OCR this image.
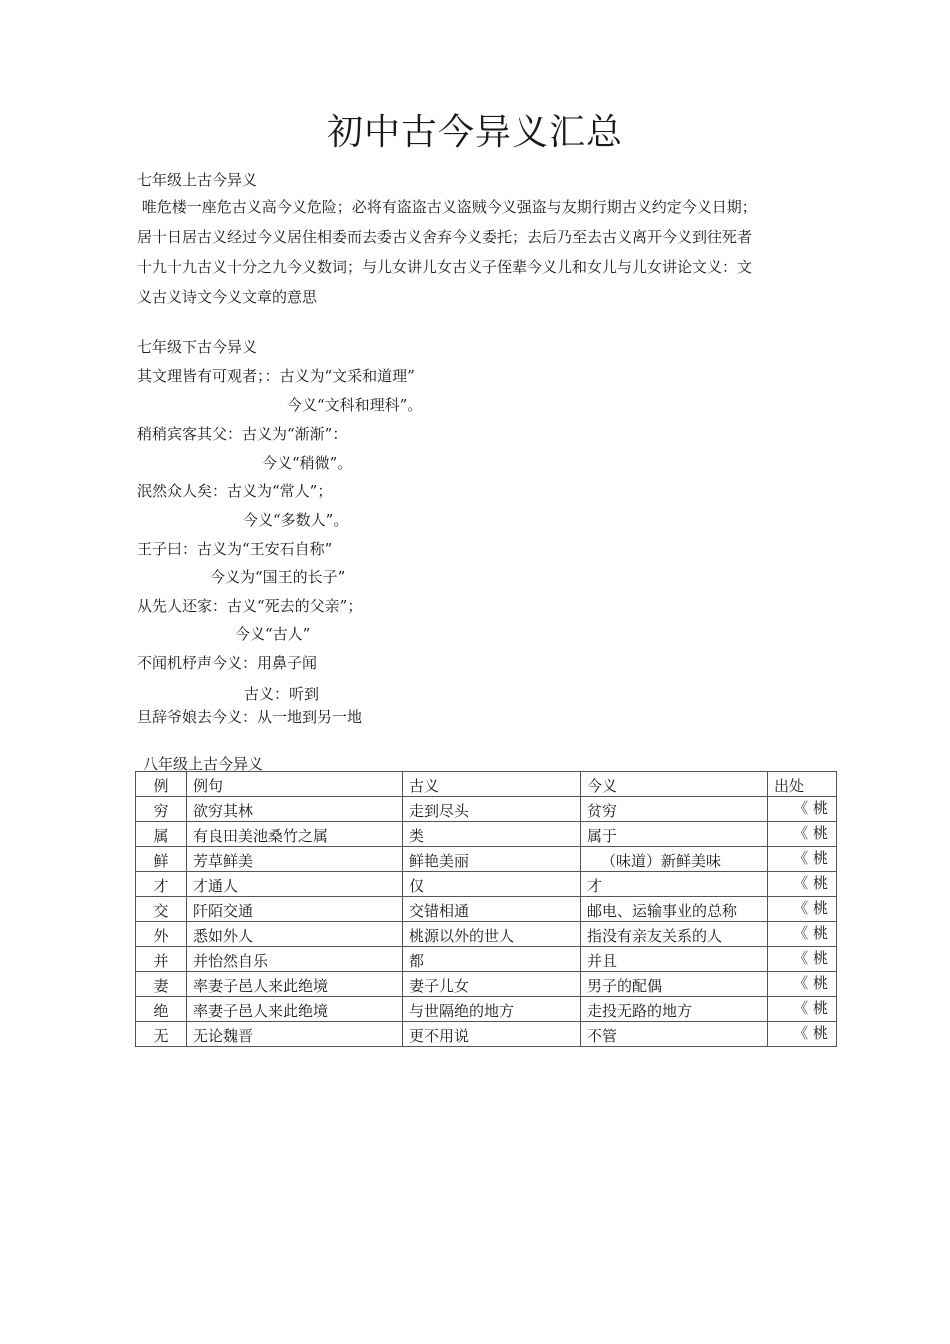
初中古今异义汇总
七年级上古今异义
唯危楼一座危古义高今义危险；必将有盗盗古义盗贼今义强盗与友期行期古义约定今义日期；
居十日居古义经过今义居住相委而去委古义舍弃今义委托；去后乃至去古义离开今义到往死者
十九十九古义十分之九今义数词；与儿女讲儿女古义子侄辈今义儿和女儿与儿女讲论文义：文
义古义诗文今义文章的意思
七年级下古今异义
其文理皆有可观者；：古义为“文采和道理”
今义“文科和理科”。
稍稍宾客其父：古义为“渐渐”：
今义“稍微”。
泯然众人矣：古义为“常人”；
今义“多数人”。
王子曰：古义为“王安石自称”
今义为“国王的长子”
从先人还家：古义“死去的父亲”；
今义“古人”
不闻机杼声今义：用鼻子闻
古义：听到
旦辞爷娘去今义：从一地到另一地
八年级上古今异义
例	例句	古义	今义	出处
穷	欲穷其林	走到尽头	贫穷	《 桃
属	有良田美池桑竹之属	类	属于	《 桃
鲜	芳草鲜美	鲜艳美丽	（味道）新鲜美味	《 桃
才	才通人	仅	才	《 桃
交	阡陌交通	交错相通	邮电、运输事业的总称	《 桃
外	悉如外人	桃源以外的世人	指没有亲友关系的人	《 桃
并	并怡然自乐	都	并且	《 桃
妻	率妻子邑人来此绝境	妻子儿女	男子的配偶	《 桃
绝	率妻子邑人来此绝境	与世隔绝的地方	走投无路的地方	《 桃
无	无论魏晋	更不用说	不管	《 桃
